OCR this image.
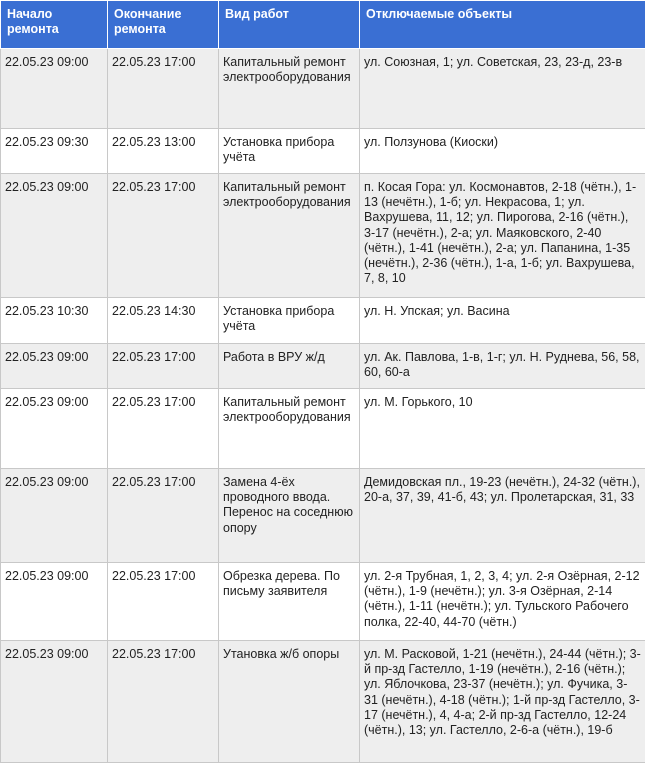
Начало ремонта	Окончание ремонта	Вид работ	Отключаемые объекты
22.05.23 09:00	22.05.23 17:00	Капитальный ремонт электрооборудования	ул. Союзная, 1; ул. Советская, 23, 23-д, 23-в
22.05.23 09:30	22.05.23 13:00	Установка прибора учёта	ул. Ползунова (Киоски)
22.05.23 09:00	22.05.23 17:00	Капитальный ремонт электрооборудования	п. Косая Гора: ул. Космонавтов, 2-18 (чётн.), 1-13 (нечётн.), 1-б; ул. Некрасова, 1; ул. Вахрушева, 11, 12; ул. Пирогова, 2-16 (чётн.), 3-17 (нечётн.), 2-а; ул. Маяковского, 2-40 (чётн.), 1-41 (нечётн.), 2-а; ул. Папанина, 1-35 (нечётн.), 2-36 (чётн.), 1-а, 1-б; ул. Вахрушева, 7, 8, 10
22.05.23 10:30	22.05.23 14:30	Установка прибора учёта	ул. Н. Упская; ул. Васина
22.05.23 09:00	22.05.23 17:00	Работа в ВРУ ж/д	ул. Ак. Павлова, 1-в, 1-г; ул. Н. Руднева, 56, 58, 60, 60-а
22.05.23 09:00	22.05.23 17:00	Капитальный ремонт электрооборудования	ул. М. Горького, 10
22.05.23 09:00	22.05.23 17:00	Замена 4-ёх проводного ввода. Перенос на соседнюю опору	Демидовская пл., 19-23 (нечётн.), 24-32 (чётн.), 20-а, 37, 39, 41-б, 43; ул. Пролетарская, 31, 33
22.05.23 09:00	22.05.23 17:00	Обрезка дерева. По письму заявителя	ул. 2-я Трубная, 1, 2, 3, 4; ул. 2-я Озёрная, 2-12 (чётн.), 1-9 (нечётн.); ул. 3-я Озёрная, 2-14 (чётн.), 1-11 (нечётн.); ул. Тульского Рабочего полка, 22-40, 44-70 (чётн.)
22.05.23 09:00	22.05.23 17:00	Утановка ж/б опоры	ул. М. Расковой, 1-21 (нечётн.), 24-44 (чётн.); 3-й пр-зд Гастелло, 1-19 (нечётн.), 2-16 (чётн.); ул. Яблочкова, 23-37 (нечётн.); ул. Фучика, 3-31 (нечётн.), 4-18 (чётн.); 1-й пр-зд Гастелло, 3-17 (нечётн.), 4, 4-а; 2-й пр-зд Гастелло, 12-24 (чётн.), 13; ул. Гастелло, 2-6-а (чётн.), 19-б
